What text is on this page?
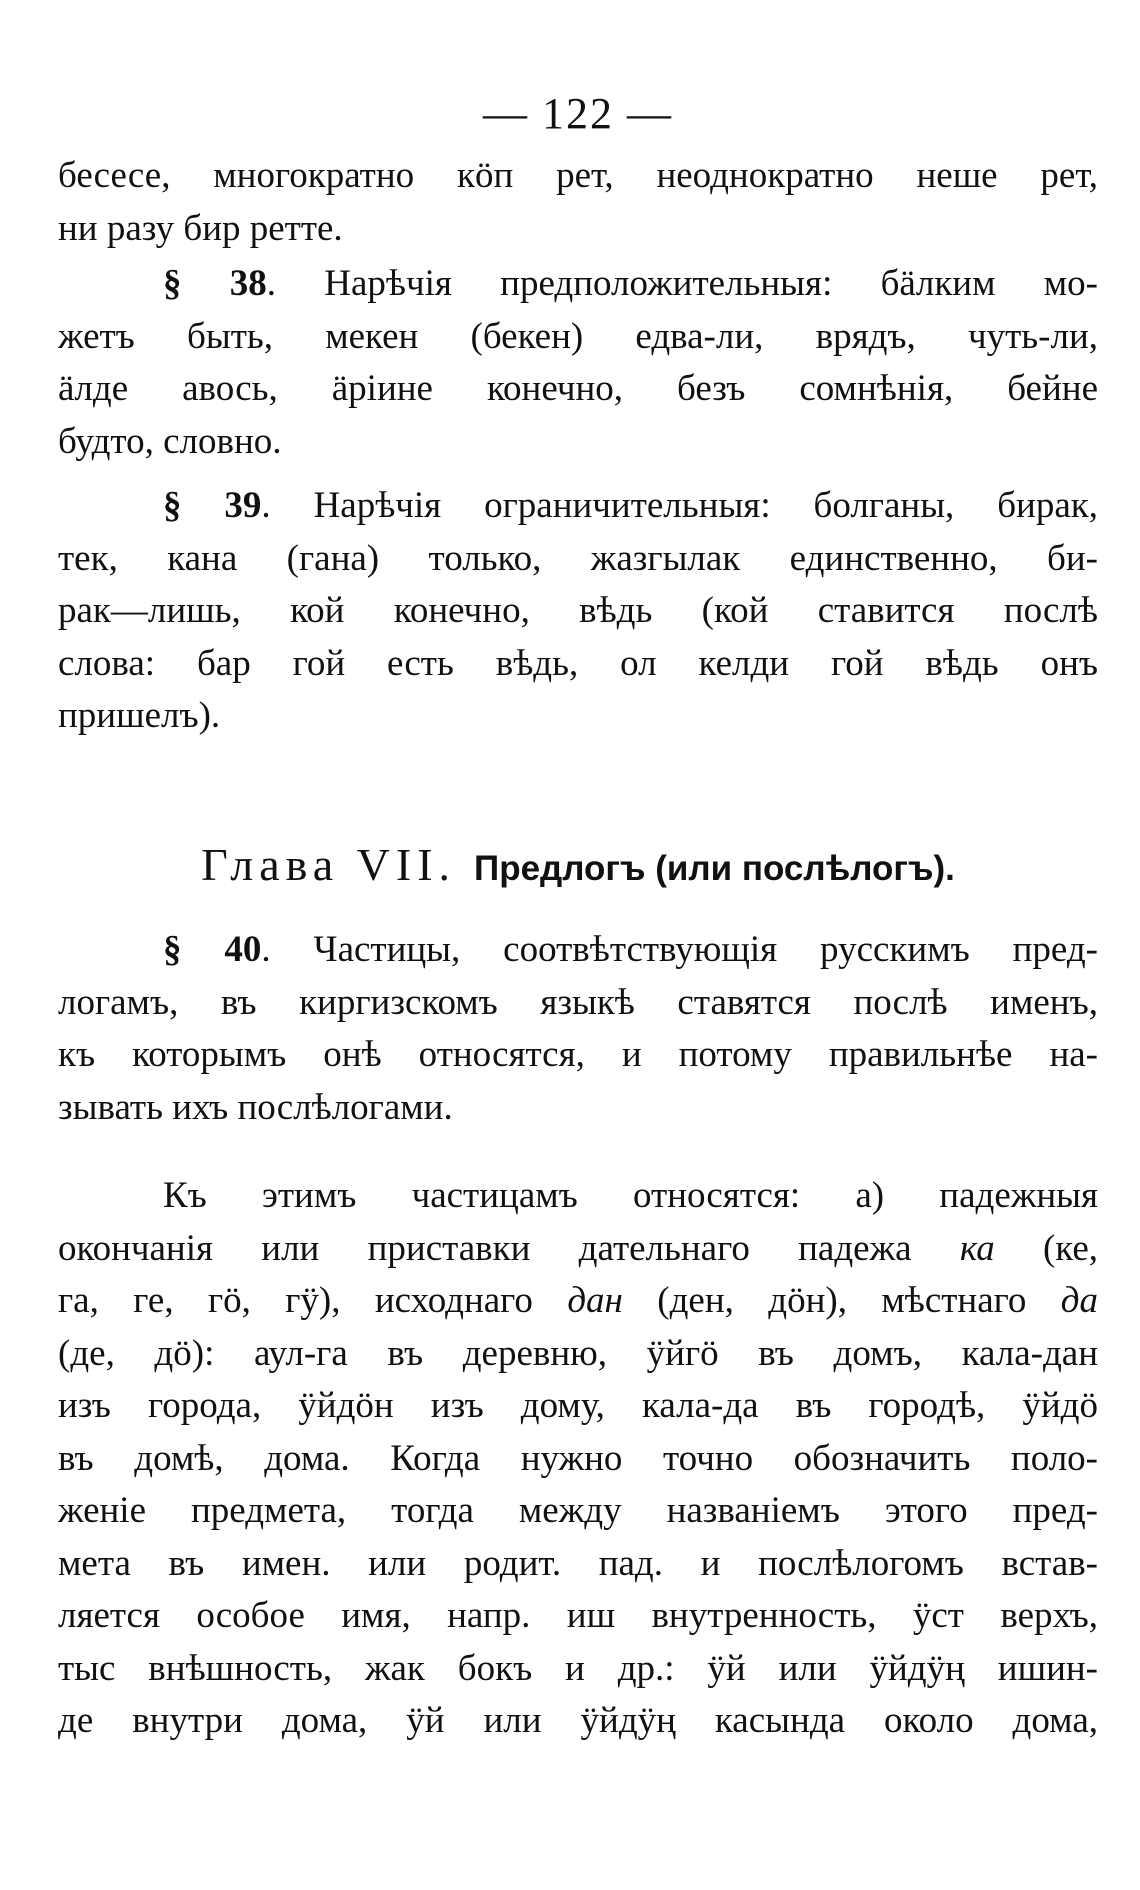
— 122 —
бесесе, многократно кöп рет, неоднократно неше рет,
ни разу бир ретте.
§ 38. Нарѣчія предположительныя: бäлким мо-
жетъ быть, мекен (бекен) едва-ли, врядъ, чуть-ли,
äлде авось, äріине конечно, безъ сомнѣнія, бейне
будто, словно.
§ 39. Нарѣчія ограничительныя: болганы, бирак,
тек, кана (гана) только, жазгылак единственно, би-
рак—лишь, кой конечно, вѣдь (кой ставится послѣ
слова: бар гой есть вѣдь, ол келди гой вѣдь онъ
пришелъ).
Глава VII. Предлогъ (или послѣлогъ).
§ 40. Частицы, соотвѣтствующія русскимъ пред-
логамъ, въ киргизскомъ языкѣ ставятся послѣ именъ,
къ которымъ онѣ относятся, и потому правильнѣе на-
зывать ихъ послѣлогами.
Къ этимъ частицамъ относятся: а) падежныя
окончанія или приставки дательнаго падежа ка (ке,
га, ге, гö, гÿ), исходнаго дан (ден, дöн), мѣстнаго да
(де, дö): аул-га въ деревню, ÿйгö въ домъ, кала-дан
изъ города, ÿйдöн изъ дому, кала-да въ городѣ, ÿйдö
въ домѣ, дома. Когда нужно точно обозначить поло-
женіе предмета, тогда между названіемъ этого пред-
мета въ имен. или родит. пад. и послѣлогомъ встав-
ляется особое имя, напр. иш внутренность, ÿст верхъ,
тыс внѣшность, жак бокъ и др.: ÿй или ÿйдÿң ишин-
де внутри дома, ÿй или ÿйдÿң касында около дома,
